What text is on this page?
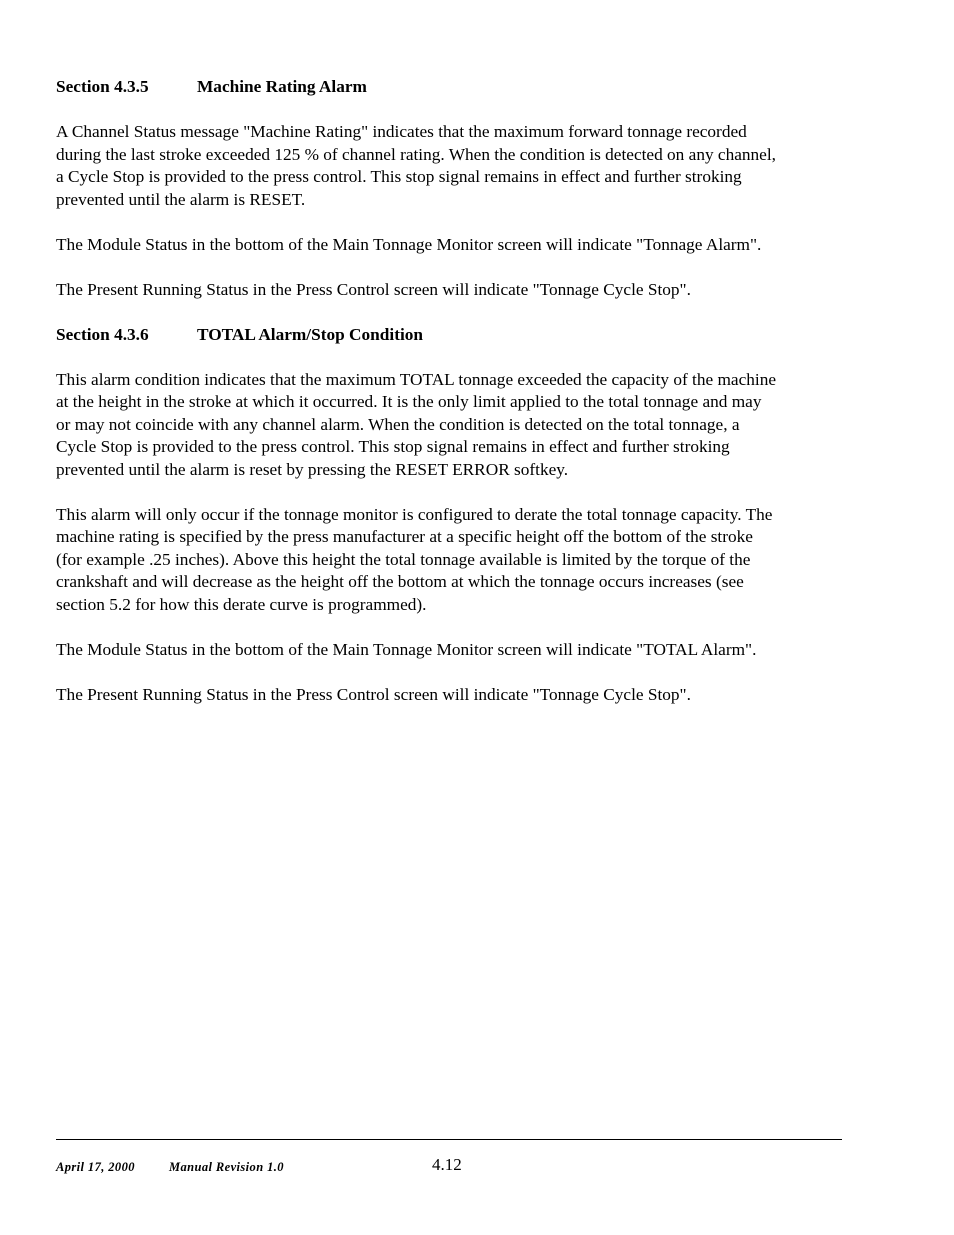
Section 4.3.5	Machine Rating Alarm

A Channel Status message "Machine Rating" indicates that the maximum forward tonnage recorded
during the last stroke exceeded 125 % of channel rating. When the condition is detected on any channel,
a Cycle Stop is provided to the press control. This stop signal remains in effect and further stroking
prevented until the alarm is RESET.

The Module Status in the bottom of the Main Tonnage Monitor screen will indicate "Tonnage Alarm".

The Present Running Status in the Press Control screen will indicate "Tonnage Cycle Stop".

Section 4.3.6	TOTAL Alarm/Stop Condition

This alarm condition indicates that the maximum TOTAL tonnage exceeded the capacity of the machine
at the height in the stroke at which it occurred. It is the only limit applied to the total tonnage and may
or may not coincide with any channel alarm. When the condition is detected on the total tonnage, a
Cycle Stop is provided to the press control. This stop signal remains in effect and further stroking
prevented until the alarm is reset by pressing the RESET ERROR softkey.

This alarm will only occur if the tonnage monitor is configured to derate the total tonnage capacity. The
machine rating is specified by the press manufacturer at a specific height off the bottom of the stroke
(for example .25 inches). Above this height the total tonnage available is limited by the torque of the
crankshaft and will decrease as the height off the bottom at which the tonnage occurs increases (see
section 5.2 for how this derate curve is programmed).

The Module Status in the bottom of the Main Tonnage Monitor screen will indicate "TOTAL Alarm".

The Present Running Status in the Press Control screen will indicate "Tonnage Cycle Stop".

April 17, 2000	Manual Revision 1.0	4.12
